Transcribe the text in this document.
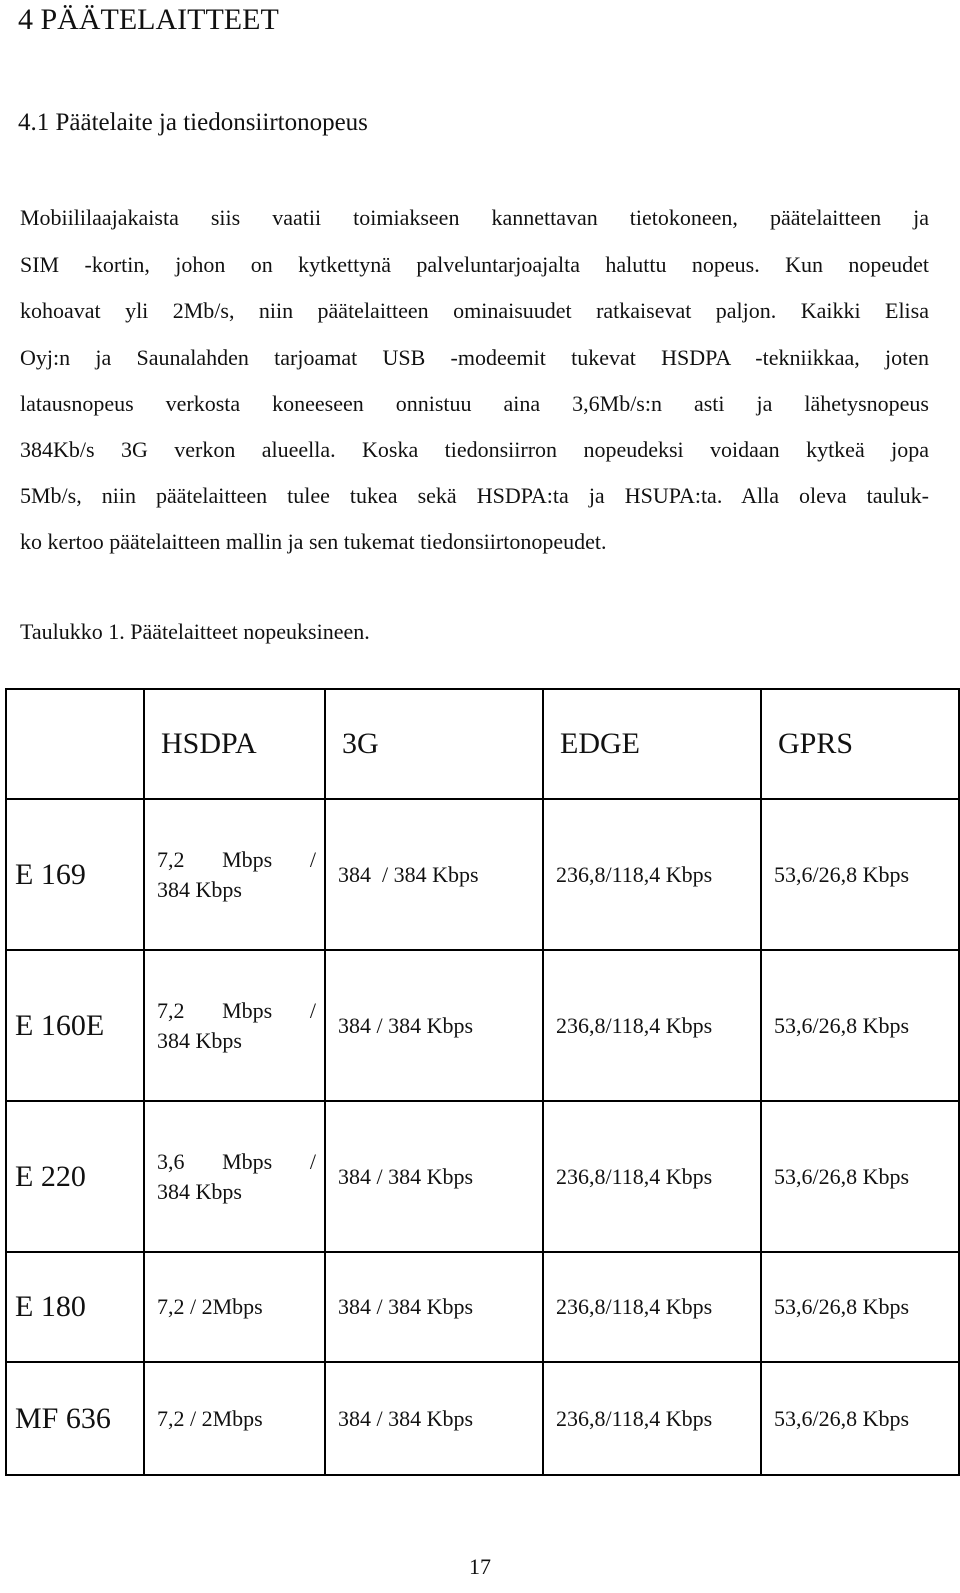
4 PÄÄTELAITTEET
4.1 Päätelaite ja tiedonsiirtonopeus
Mobiililaajakaista siis vaatii toimiakseen kannettavan tietokoneen, päätelaitteen ja
SIM -kortin, johon on kytkettynä palveluntarjoajalta haluttu nopeus. Kun nopeudet
kohoavat yli 2Mb/s, niin päätelaitteen ominaisuudet ratkaisevat paljon. Kaikki Elisa
Oyj:n ja Saunalahden tarjoamat USB -modeemit tukevat HSDPA -tekniikkaa, joten
latausnopeus verkosta koneeseen onnistuu aina 3,6Mb/s:n asti ja lähetysnopeus
384Kb/s 3G verkon alueella. Koska tiedonsiirron nopeudeksi voidaan kytkeä jopa
5Mb/s, niin päätelaitteen tulee tukea sekä HSDPA:ta ja HSUPA:ta. Alla oleva tauluk-
ko kertoo päätelaitteen mallin ja sen tukemat tiedonsiirtonopeudet.
Taulukko 1. Päätelaitteet nopeuksineen.
	HSDPA	3G	EDGE	GPRS
E 169	7,2 Mbps /
384 Kbps	384  / 384 Kbps	236,8/118,4 Kbps	53,6/26,8 Kbps
E 160E	7,2 Mbps /
384 Kbps	384 / 384 Kbps	236,8/118,4 Kbps	53,6/26,8 Kbps
E 220	3,6 Mbps /
384 Kbps	384 / 384 Kbps	236,8/118,4 Kbps	53,6/26,8 Kbps
E 180	7,2 / 2Mbps	384 / 384 Kbps	236,8/118,4 Kbps	53,6/26,8 Kbps
MF 636	7,2 / 2Mbps	384 / 384 Kbps	236,8/118,4 Kbps	53,6/26,8 Kbps
17
